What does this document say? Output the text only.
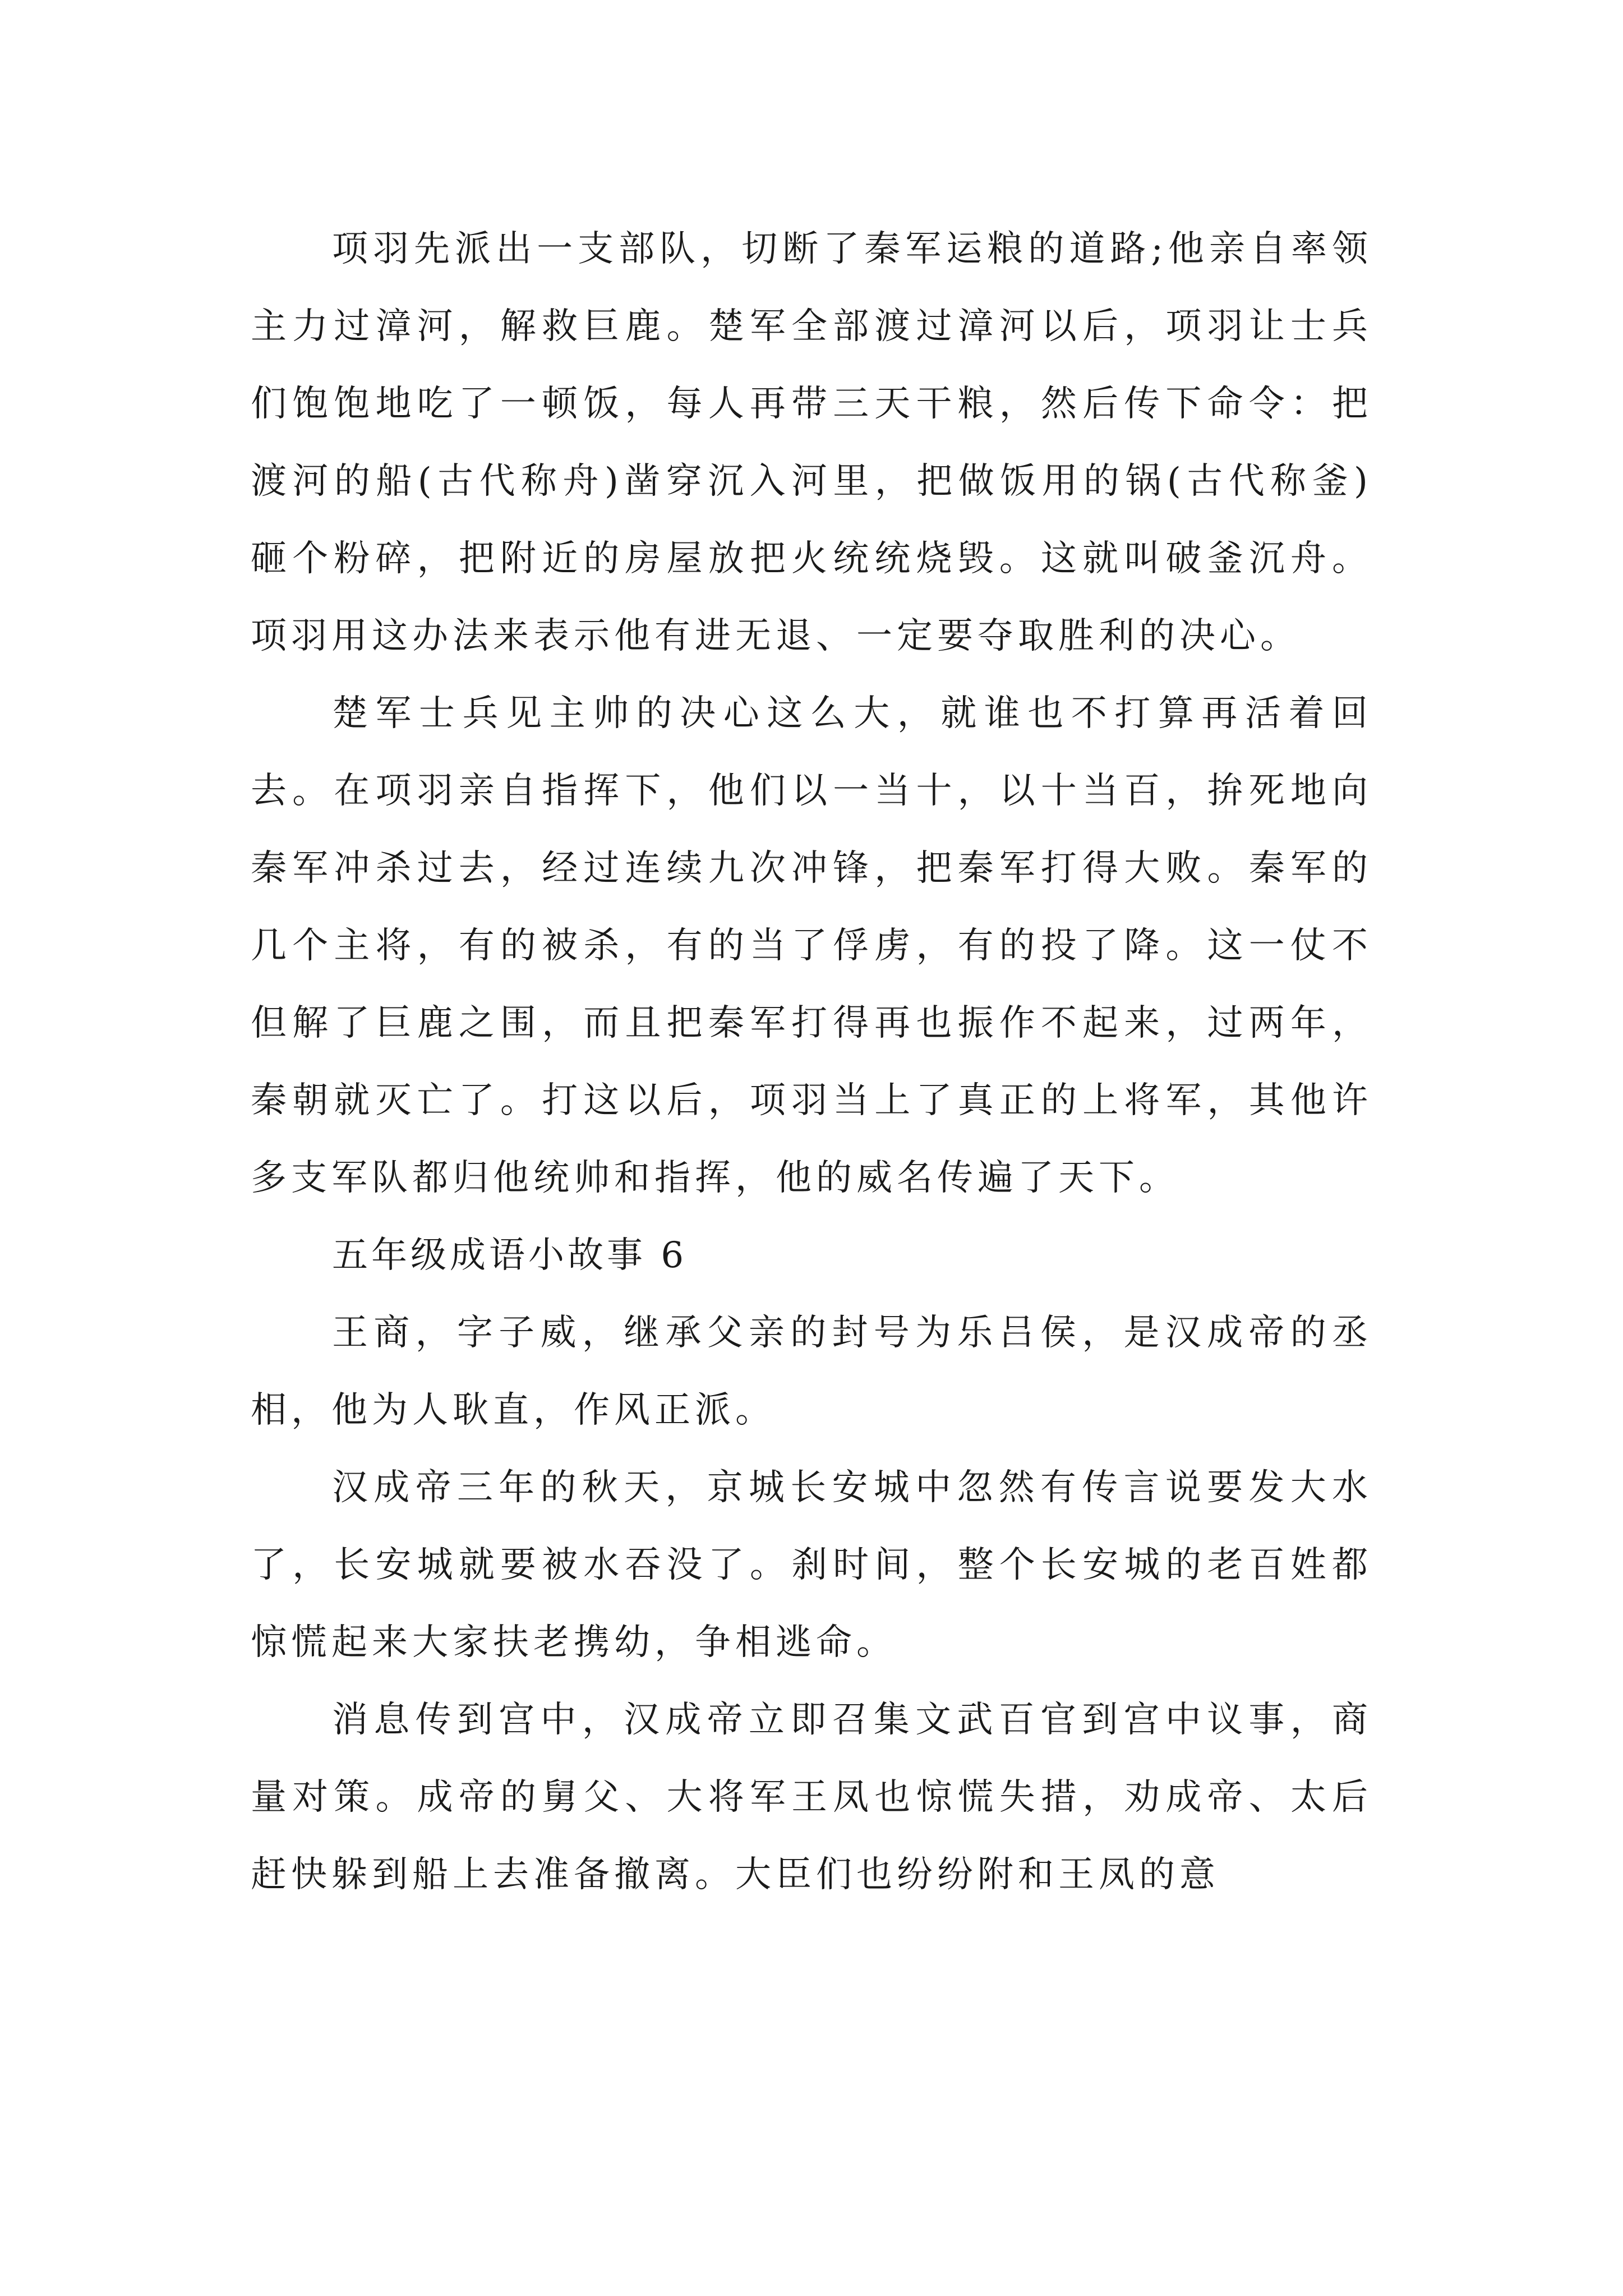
项羽先派出一支部队，切断了秦军运粮的道路;他亲自率领主力过漳河，解救巨鹿。楚军全部渡过漳河以后，项羽让士兵们饱饱地吃了一顿饭，每人再带三天干粮，然后传下命令：把渡河的船(古代称舟)凿穿沉入河里，把做饭用的锅(古代称釜)砸个粉碎，把附近的房屋放把火统统烧毁。这就叫破釜沉舟。项羽用这办法来表示他有进无退、一定要夺取胜利的决心。

楚军士兵见主帅的决心这么大，就谁也不打算再活着回去。在项羽亲自指挥下，他们以一当十，以十当百，拚死地向秦军冲杀过去，经过连续九次冲锋，把秦军打得大败。秦军的几个主将，有的被杀，有的当了俘虏，有的投了降。这一仗不但解了巨鹿之围，而且把秦军打得再也振作不起来，过两年，秦朝就灭亡了。打这以后，项羽当上了真正的上将军，其他许多支军队都归他统帅和指挥，他的威名传遍了天下。

五年级成语小故事 6

王商，字子威，继承父亲的封号为乐吕侯，是汉成帝的丞相，他为人耿直，作风正派。

汉成帝三年的秋天，京城长安城中忽然有传言说要发大水了，长安城就要被水吞没了。刹时间，整个长安城的老百姓都惊慌起来大家扶老携幼，争相逃命。

消息传到宫中，汉成帝立即召集文武百官到宫中议事，商量对策。成帝的舅父、大将军王凤也惊慌失措，劝成帝、太后赶快躲到船上去准备撤离。大臣们也纷纷附和王凤的意
